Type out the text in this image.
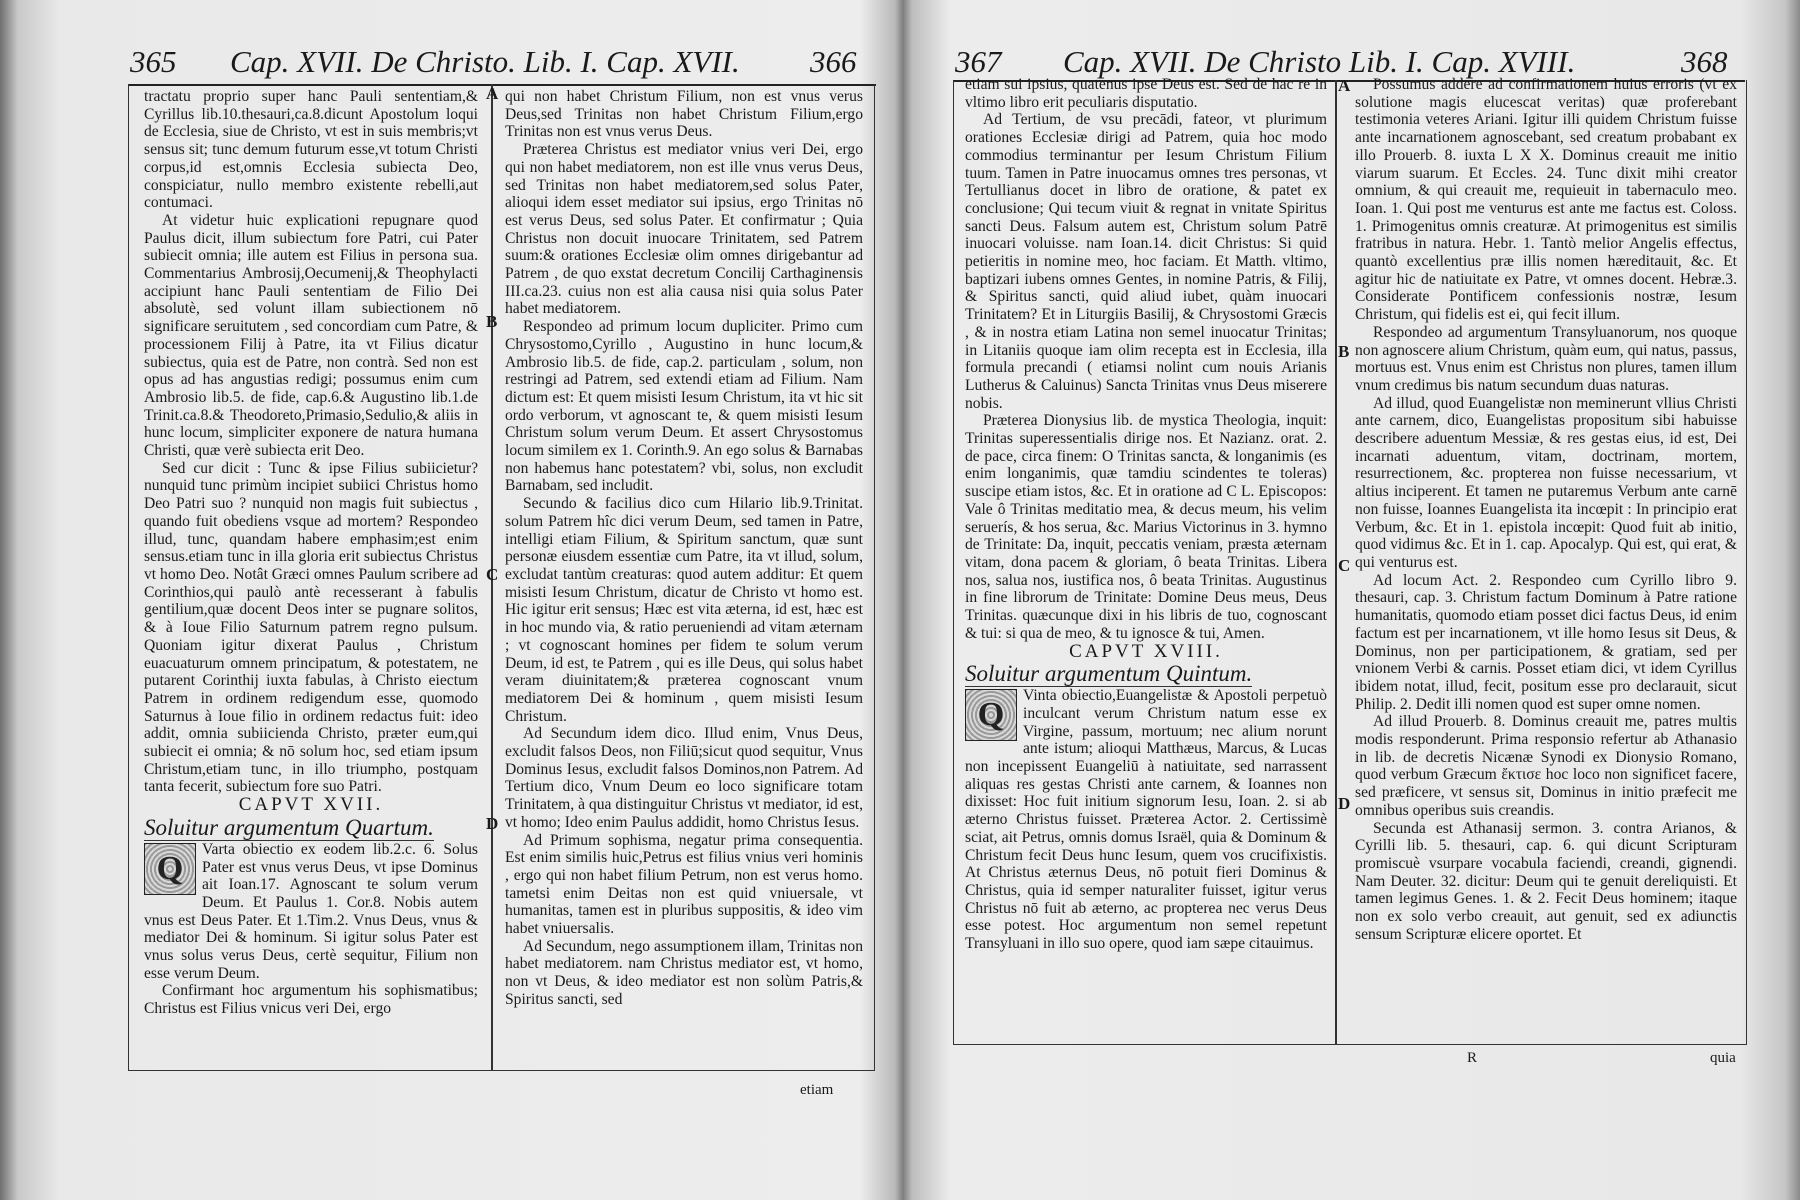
365 Cap. XVII. De Christo. Lib. I. Cap. XVII. 366
A
B
C
D

tractatu proprio super hanc Pauli sententiam,& Cyrillus lib.10.thesauri,ca.8.dicunt Apostolum loqui de Ecclesia, siue de Christo, vt est in suis membris;vt sensus sit; tunc demum futurum esse,vt totum Christi corpus,id est,omnis Ecclesia subiecta Deo, conspiciatur, nullo membro existente rebelli,aut contumaci.

At videtur huic explicationi repugnare quod Paulus dicit, illum subiectum fore Patri, cui Pater subiecit omnia; ille autem est Filius in persona sua. Commentarius Ambrosij,Oecumenij,& Theophylacti accipiunt hanc Pauli sententiam de Filio Dei absolutè, sed volunt illam subiectionem nō significare seruitutem , sed concordiam cum Patre, & processionem Filij à Patre, ita vt Filius dicatur subiectus, quia est de Patre, non contrà. Sed non est opus ad has angustias redigi; possumus enim cum Ambrosio lib.5. de fide, cap.6.& Augustino lib.1.de Trinit.ca.8.& Theodoreto,Primasio,Sedulio,& aliis in hunc locum, simpliciter exponere de natura humana Christi, quæ verè subiecta erit Deo.

Sed cur dicit : Tunc & ipse Filius subiicietur? nunquid tunc primùm incipiet subiici Christus homo Deo Patri suo ? nunquid non magis fuit subiectus , quando fuit obediens vsque ad mortem? Respondeo illud, tunc, quandam habere emphasim;est enim sensus.etiam tunc in illa gloria erit subiectus Christus vt homo Deo. Notât Græci omnes Paulum scribere ad Corinthios,qui paulò antè recesserant à fabulis gentilium,quæ docent Deos inter se pugnare solitos, & à Ioue Filio Saturnum patrem regno pulsum. Quoniam igitur dixerat Paulus , Christum euacuaturum omnem principatum, & potestatem, ne putarent Corinthij iuxta fabulas, à Christo eiectum Patrem in ordinem redigendum esse, quomodo Saturnus à Ioue filio in ordinem redactus fuit: ideo addit, omnia subiicienda Christo, præter eum,qui subiecit ei omnia; & nō solum hoc, sed etiam ipsum Christum,etiam tunc, in illo triumpho, postquam tanta fecerit, subiectum fore suo Patri.

CAPVT XVII.

Soluitur argumentum Quartum.

Q
Varta obiectio ex eodem lib.2.c. 6. Solus Pater est vnus verus Deus, vt ipse Dominus ait Ioan.17. Agnoscant te solum verum Deum. Et Paulus 1. Cor.8. Nobis autem vnus est Deus Pater. Et 1.Tim.2. Vnus Deus, vnus & mediator Dei & hominum. Si igitur solus Pater est vnus solus verus Deus, certè sequitur, Filium non esse verum Deum.

Confirmant hoc argumentum his sophismatibus; Christus est Filius vnicus veri Dei, ergo

qui non habet Christum Filium, non est vnus verus Deus,sed Trinitas non habet Christum Filium,ergo Trinitas non est vnus verus Deus.

Præterea Christus est mediator vnius veri Dei, ergo qui non habet mediatorem, non est ille vnus verus Deus, sed Trinitas non habet mediatorem,sed solus Pater, alioqui idem esset mediator sui ipsius, ergo Trinitas nō est verus Deus, sed solus Pater. Et confirmatur ; Quia Christus non docuit inuocare Trinitatem, sed Patrem suum:& orationes Ecclesiæ olim omnes dirigebantur ad Patrem , de quo exstat decretum Concilij Carthaginensis III.ca.23. cuius non est alia causa nisi quia solus Pater habet mediatorem.

Respondeo ad primum locum dupliciter. Primo cum Chrysostomo,Cyrillo , Augustino in hunc locum,& Ambrosio lib.5. de fide, cap.2. particulam , solum, non restringi ad Patrem, sed extendi etiam ad Filium. Nam dictum est: Et quem misisti Iesum Christum, ita vt hic sit ordo verborum, vt agnoscant te, & quem misisti Iesum Christum solum verum Deum. Et assert Chrysostomus locum similem ex 1. Corinth.9. An ego solus & Barnabas non habemus hanc potestatem? vbi, solus, non excludit Barnabam, sed includit.

Secundo & facilius dico cum Hilario lib.9.Trinitat. solum Patrem hîc dici verum Deum, sed tamen in Patre, intelligi etiam Filium, & Spiritum sanctum, quæ sunt personæ eiusdem essentiæ cum Patre, ita vt illud, solum, excludat tantùm creaturas: quod autem additur: Et quem misisti Iesum Christum, dicatur de Christo vt homo est. Hic igitur erit sensus; Hæc est vita æterna, id est, hæc est in hoc mundo via, & ratio perueniendi ad vitam æternam ; vt cognoscant homines per fidem te solum verum Deum, id est, te Patrem , qui es ille Deus, qui solus habet veram diuinitatem;& præterea cognoscant vnum mediatorem Dei & hominum , quem misisti Iesum Christum.

Ad Secundum idem dico. Illud enim, Vnus Deus, excludit falsos Deos, non Filiū;sicut quod sequitur, Vnus Dominus Iesus, excludit falsos Dominos,non Patrem. Ad Tertium dico, Vnum Deum eo loco significare totam Trinitatem, à qua distinguitur Christus vt mediator, id est, vt homo; Ideo enim Paulus addidit, homo Christus Iesus.

Ad Primum sophisma, negatur prima consequentia. Est enim similis huic,Petrus est filius vnius veri hominis , ergo qui non habet filium Petrum, non est verus homo. tametsi enim Deitas non est quid vniuersale, vt humanitas, tamen est in pluribus suppositis, & ideo vim habet vniuersalis.

Ad Secundum, nego assumptionem illam, Trinitas non habet mediatorem. nam Christus mediator est, vt homo, non vt Deus, & ideo mediator est non solùm Patris,& Spiritus sancti, sed

etiam
367 Cap. XVII. De Christo Lib. I. Cap. XVIII.	368
A
B
C
D

etiam sui ipsius, quatenus ipse Deus est. Sed de hac re in vltimo libro erit peculiaris disputatio.

Ad Tertium, de vsu precādi, fateor, vt plurimum orationes Ecclesiæ dirigi ad Patrem, quia hoc modo commodius terminantur per Iesum Christum Filium tuum. Tamen in Patre inuocamus omnes tres personas, vt Tertullianus docet in libro de oratione, & patet ex conclusione; Qui tecum viuit & regnat in vnitate Spiritus sancti Deus. Falsum autem est, Christum solum Patrē inuocari voluisse. nam Ioan.14. dicit Christus: Si quid petieritis in nomine meo, hoc faciam. Et Matth. vltimo, baptizari iubens omnes Gentes, in nomine Patris, & Filij, & Spiritus sancti, quid aliud iubet, quàm inuocari Trinitatem? Et in Liturgiis Basilij, & Chrysostomi Græcis , & in nostra etiam Latina non semel inuocatur Trinitas; in Litaniis quoque iam olim recepta est in Ecclesia, illa formula precandi ( etiamsi nolint cum nouis Arianis Lutherus & Caluinus) Sancta Trinitas vnus Deus miserere nobis.

Præterea Dionysius lib. de mystica Theologia, inquit: Trinitas superessentialis dirige nos. Et Nazianz. orat. 2. de pace, circa finem: O Trinitas sancta, & longanimis (es enim longanimis, quæ tamdiu scindentes te toleras) suscipe etiam istos, &c. Et in oratione ad C L. Episcopos: Vale ô Trinitas meditatio mea, & decus meum, his velim seruerís, & hos serua, &c. Marius Victorinus in 3. hymno de Trinitate: Da, inquit, peccatis veniam, præsta æternam vitam, dona pacem & gloriam, ô beata Trinitas. Libera nos, salua nos, iustifica nos, ô beata Trinitas. Augustinus in fine librorum de Trinitate: Domine Deus meus, Deus Trinitas. quæcunque dixi in his libris de tuo, cognoscant & tui: si qua de meo, & tu ignosce & tui, Amen.

CAPVT XVIII.

Soluitur argumentum Quintum.

Q
Vinta obiectio,Euangelistæ & Apostoli perpetuò inculcant verum Christum natum esse ex Virgine, passum, mortuum; nec alium norunt ante istum; alioqui Matthæus, Marcus, & Lucas non incepissent Euangeliū à natiuitate, sed narrassent aliquas res gestas Christi ante carnem, & Ioannes non dixisset: Hoc fuit initium signorum Iesu, Ioan. 2. si ab æterno Christus fuisset. Præterea Actor. 2. Certissimè sciat, ait Petrus, omnis domus Israël, quia & Dominum & Christum fecit Deus hunc Iesum, quem vos crucifixistis. At Christus æternus Deus, nō potuit fieri Dominus & Christus, quia id semper naturaliter fuisset, igitur verus Christus nō fuit ab æterno, ac propterea nec verus Deus esse potest. Hoc argumentum non semel repetunt Transyluani in illo suo opere, quod iam sæpe citauimus.

Possumus addere ad confirmationem huius erroris (vt ex solutione magis elucescat veritas) quæ proferebant testimonia veteres Ariani. Igitur illi quidem Christum fuisse ante incarnationem agnoscebant, sed creatum probabant ex illo Prouerb. 8. iuxta L X X. Dominus creauit me initio viarum suarum. Et Eccles. 24. Tunc dixit mihi creator omnium, & qui creauit me, requieuit in tabernaculo meo. Ioan. 1. Qui post me venturus est ante me factus est. Coloss. 1. Primogenitus omnis creaturæ. At primogenitus est similis fratribus in natura. Hebr. 1. Tantò melior Angelis effectus, quantò excellentius præ illis nomen hæreditauit, &c. Et agitur hic de natiuitate ex Patre, vt omnes docent. Hebræ.3. Considerate Pontificem confessionis nostræ, Iesum Christum, qui fidelis est ei, qui fecit illum.

Respondeo ad argumentum Transyluanorum, nos quoque non agnoscere alium Christum, quàm eum, qui natus, passus, mortuus est. Vnus enim est Christus non plures, tamen illum vnum credimus bis natum secundum duas naturas.

Ad illud, quod Euangelistæ non meminerunt vllius Christi ante carnem, dico, Euangelistas propositum sibi habuisse describere aduentum Messiæ, & res gestas eius, id est, Dei incarnati aduentum, vitam, doctrinam, mortem, resurrectionem, &c. propterea non fuisse necessarium, vt altius inciperent. Et tamen ne putaremus Verbum ante carnē non fuisse, Ioannes Euangelista ita incœpit : In principio erat Verbum, &c. Et in 1. epistola incœpit: Quod fuit ab initio, quod vidimus &c. Et in 1. cap. Apocalyp. Qui est, qui erat, & qui venturus est.

Ad locum Act. 2. Respondeo cum Cyrillo libro 9. thesauri, cap. 3. Christum factum Dominum à Patre ratione humanitatis, quomodo etiam posset dici factus Deus, id enim factum est per incarnationem, vt ille homo Iesus sit Deus, & Dominus, non per participationem, & gratiam, sed per vnionem Verbi & carnis. Posset etiam dici, vt idem Cyrillus ibidem notat, illud, fecit, positum esse pro declarauit, sicut Philip. 2. Dedit illi nomen quod est super omne nomen.

Ad illud Prouerb. 8. Dominus creauit me, patres multis modis responderunt. Prima responsio refertur ab Athanasio in lib. de decretis Nicænæ Synodi ex Dionysio Romano, quod verbum Græcum ἔκτισε hoc loco non significet facere, sed præficere, vt sensus sit, Dominus in initio præfecit me omnibus operibus suis creandis.

Secunda est Athanasij sermon. 3. contra Arianos, & Cyrilli lib. 5. thesauri, cap. 6. qui dicunt Scripturam promiscuè vsurpare vocabula faciendi, creandi, gignendi. Nam Deuter. 32. dicitur: Deum qui te genuit dereliquisti. Et tamen legimus Genes. 1. & 2. Fecit Deus hominem; itaque non ex solo verbo creauit, aut genuit, sed ex adiunctis sensum Scripturæ elicere oportet. Et

R	quia
